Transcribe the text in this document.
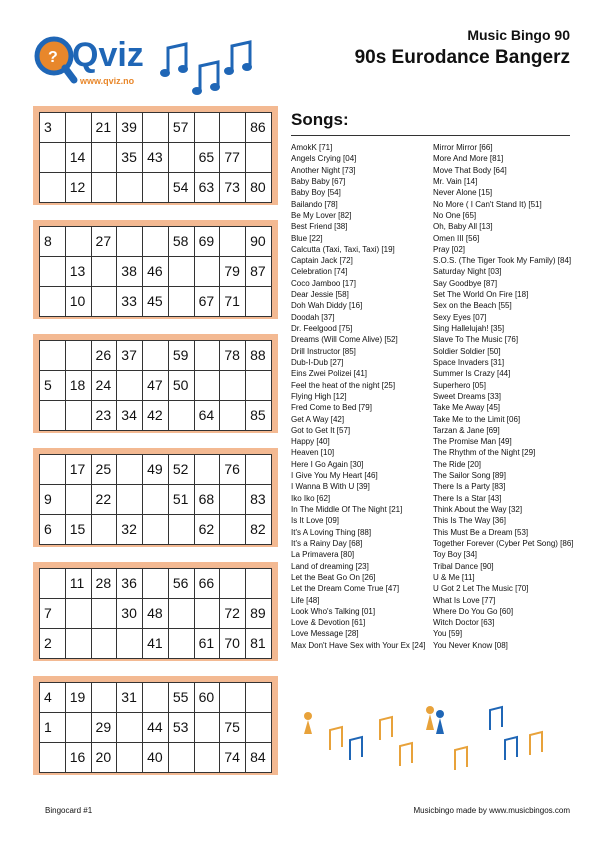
? Qviz
www.qviz.no
Music Bingo 90
90s Eurodance Bangerz
3		21	39		57			86
	14		35	43		65	77	
	12				54	63	73	80
8		27			58	69		90
	13		38	46			79	87
	10		33	45		67	71	
		26	37		59		78	88
5	18	24		47	50			
		23	34	42		64		85
	17	25		49	52		76	
9		22			51	68		83
6	15		32			62		82
	11	28	36		56	66		
7			30	48			72	89
2				41		61	70	81
4	19		31		55	60		
1		29		44	53		75	
	16	20		40			74	84
Songs:
AmokK [71]
Angels Crying [04]
Another Night [73]
Baby Baby [67]
Baby Boy [54]
Bailando [78]
Be My Lover [82]
Best Friend [38]
Blue [22]
Calcutta (Taxi, Taxi, Taxi) [19]
Captain Jack [72]
Celebration [74]
Coco Jamboo [17]
Dear Jessie [58]
Doh Wah Diddy [16]
Doodah [37]
Dr. Feelgood [75]
Dreams (Will Come Alive) [52]
Drill Instructor [85]
Dub-I-Dub [27]
Eins Zwei Polizei [41]
Feel the heat of the night [25]
Flying High [12]
Fred Come to Bed [79]
Get A Way [42]
Got to Get It [57]
Happy [40]
Heaven [10]
Here I Go Again [30]
I Give You My Heart [46]
I Wanna B With U [39]
Iko Iko [62]
In The Middle Of The Night [21]
Is It Love [09]
It's A Loving Thing [88]
It's a Rainy Day [68]
La Primavera [80]
Land of dreaming [23]
Let the Beat Go On [26]
Let the Dream Come True [47]
Life [48]
Look Who's Talking [01]
Love & Devotion [61]
Love Message [28]
Max Don't Have Sex with Your Ex [24]
Mirror Mirror [66]
More And More [81]
Move That Body [64]
Mr. Vain [14]
Never Alone [15]
No More ( I Can't Stand It) [51]
No One [65]
Oh, Baby All [13]
Omen III [56]
Pray [02]
S.O.S. (The Tiger Took My Family) [84]
Saturday Night [03]
Say Goodbye [87]
Set The World On Fire [18]
Sex on the Beach [55]
Sexy Eyes [07]
Sing Hallelujah! [35]
Slave To The Music [76]
Soldier Soldier [50]
Space Invaders [31]
Summer Is Crazy [44]
Superhero [05]
Sweet Dreams [33]
Take Me Away [45]
Take Me to the Limit [06]
Tarzan & Jane [69]
The Promise Man [49]
The Rhythm of the Night [29]
The Ride [20]
The Sailor Song [89]
There Is a Party [83]
There Is a Star [43]
Think About the Way [32]
This Is The Way [36]
This Must Be a Dream [53]
Together Forever (Cyber Pet Song) [86]
Toy Boy [34]
Tribal Dance [90]
U & Me [11]
U Got 2 Let The Music [70]
What Is Love [77]
Where Do You Go [60]
Witch Doctor [63]
You [59]
You Never Know [08]
Bingocard #1	Musicbingo made by www.musicbingos.com
